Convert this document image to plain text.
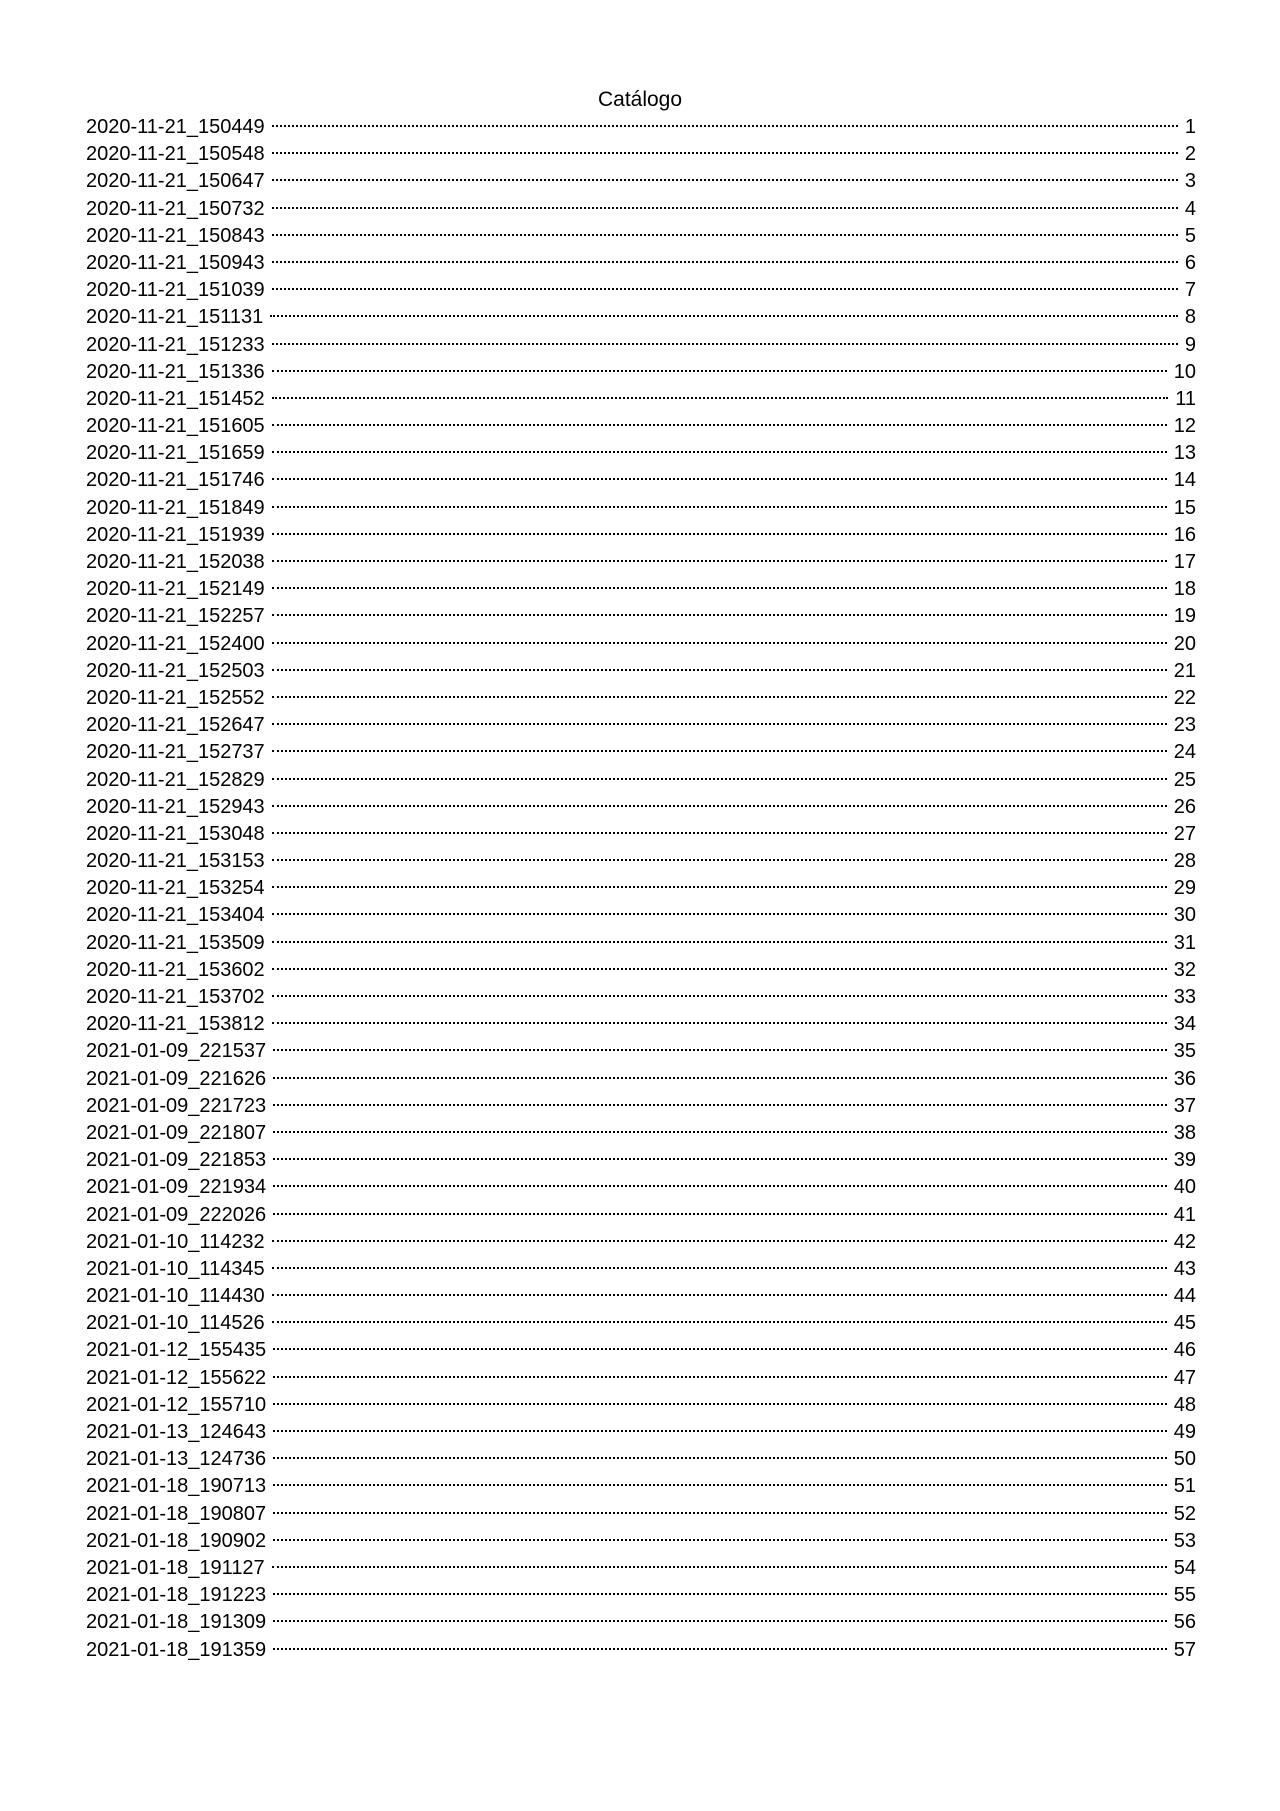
Catálogo
2020-11-21_150449	1
2020-11-21_150548	2
2020-11-21_150647	3
2020-11-21_150732	4
2020-11-21_150843	5
2020-11-21_150943	6
2020-11-21_151039	7
2020-11-21_151131	8
2020-11-21_151233	9
2020-11-21_151336	10
2020-11-21_151452	11
2020-11-21_151605	12
2020-11-21_151659	13
2020-11-21_151746	14
2020-11-21_151849	15
2020-11-21_151939	16
2020-11-21_152038	17
2020-11-21_152149	18
2020-11-21_152257	19
2020-11-21_152400	20
2020-11-21_152503	21
2020-11-21_152552	22
2020-11-21_152647	23
2020-11-21_152737	24
2020-11-21_152829	25
2020-11-21_152943	26
2020-11-21_153048	27
2020-11-21_153153	28
2020-11-21_153254	29
2020-11-21_153404	30
2020-11-21_153509	31
2020-11-21_153602	32
2020-11-21_153702	33
2020-11-21_153812	34
2021-01-09_221537	35
2021-01-09_221626	36
2021-01-09_221723	37
2021-01-09_221807	38
2021-01-09_221853	39
2021-01-09_221934	40
2021-01-09_222026	41
2021-01-10_114232	42
2021-01-10_114345	43
2021-01-10_114430	44
2021-01-10_114526	45
2021-01-12_155435	46
2021-01-12_155622	47
2021-01-12_155710	48
2021-01-13_124643	49
2021-01-13_124736	50
2021-01-18_190713	51
2021-01-18_190807	52
2021-01-18_190902	53
2021-01-18_191127	54
2021-01-18_191223	55
2021-01-18_191309	56
2021-01-18_191359	57
